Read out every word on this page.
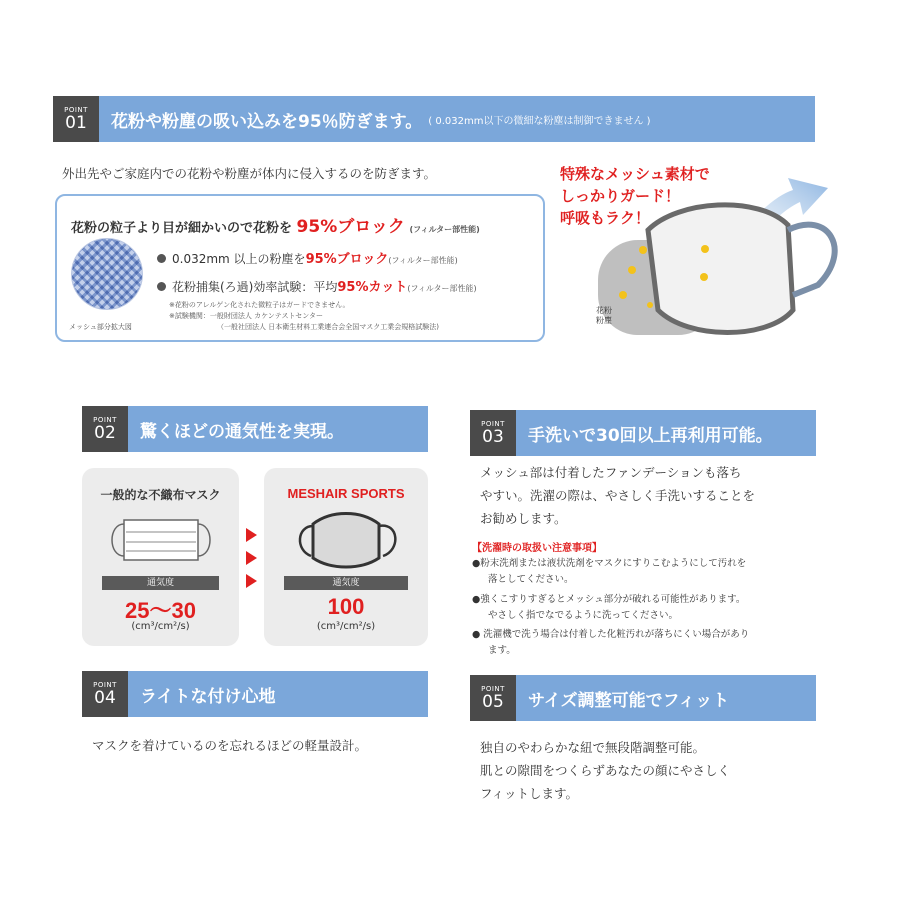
POINT
01	花粉や粉塵の吸い込みを95％防ぎます。 ( 0.032mm以下の微細な粉塵は制御できません )
外出先やご家庭内での花粉や粉塵が体内に侵入するのを防ぎます。
花粉の粒子より目が細かいので花粉を 95%ブロック (フィルター部性能)
メッシュ部分拡大図
0.032mm 以上の粉塵を 95%ブロック (フィルター部性能)
花粉捕集(ろ過)効率試験：平均 95%カット (フィルター部性能)
※花粉のアレルゲン化された微粒子はガードできません。
※試験機関：一般財団法人 カケンテストセンター
（一般社団法人 日本衛生材料工業連合会全国マスク工業会規格試験法)
特殊なメッシュ素材で
しっかりガード！
呼吸もラク！
花粉
粉塵
POINT
02	驚くほどの通気性を実現。
一般的な不織布マスク
通気度
25〜30
(cm³/cm²/s)
MESHAIR SPORTS
通気度
100
(cm³/cm²/s)
POINT
03	手洗いで30回以上再利用可能。
メッシュ部は付着したファンデーションも落ち
やすい。洗濯の際は、やさしく手洗いすることを
お勧めします。
【洗濯時の取扱い注意事項】
●粉末洗剤または液状洗剤をマスクにすりこむようにして汚れを
落としてください。
●強くこすりすぎるとメッシュ部分が破れる可能性があります。
やさしく指でなでるように洗ってください。
● 洗濯機で洗う場合は付着した化粧汚れが落ちにくい場合があり
ます。
POINT
04	ライトな付け心地
マスクを着けているのを忘れるほどの軽量設計。
POINT
05	サイズ調整可能でフィット
独自のやわらかな紐で無段階調整可能。
肌との隙間をつくらずあなたの顔にやさしく
フィットします。
